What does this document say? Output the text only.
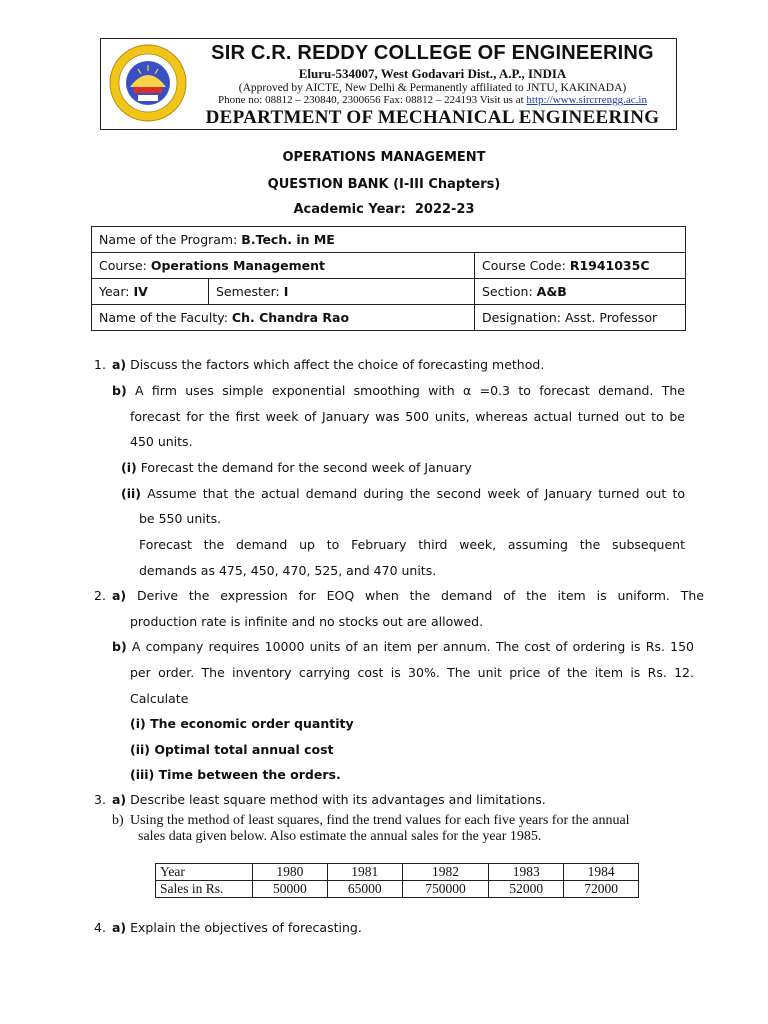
SIR C.R. REDDY COLLEGE OF ENGINEERING
Eluru-534007, West Godavari Dist., A.P., INDIA
(Approved by AICTE, New Delhi & Permanently affiliated to JNTU, KAKINADA)
Phone no: 08812 – 230840, 2300656 Fax: 08812 – 224193 Visit us at http://www.sircrrengg.ac.in
DEPARTMENT OF MECHANICAL ENGINEERING
OPERATIONS MANAGEMENT
QUESTION BANK (I-III Chapters)
Academic Year: 2022-23
Name of the Program: B.Tech. in ME		
Course: Operations Management		Course Code: R1941035C
Year: IV	Semester: I	Section: A&B
Name of the Faculty: Ch. Chandra Rao		Designation: Asst. Professor
1. a) Discuss the factors which affect the choice of forecasting method.
b) A firm uses simple exponential smoothing with α =0.3 to forecast demand. The
forecast for the first week of January was 500 units, whereas actual turned out to be
450 units.
(i) Forecast the demand for the second week of January
(ii) Assume that the actual demand during the second week of January turned out to
be 550 units.
Forecast the demand up to February third week, assuming the subsequent
demands as 475, 450, 470, 525, and 470 units.
2. a) Derive the expression for EOQ when the demand of the item is uniform. The
production rate is infinite and no stocks out are allowed.
b) A company requires 10000 units of an item per annum. The cost of ordering is Rs. 150
per order. The inventory carrying cost is 30%. The unit price of the item is Rs. 12.
Calculate
(i) The economic order quantity
(ii) Optimal total annual cost
(iii) Time between the orders.
3. a) Describe least square method with its advantages and limitations.
b) Using the method of least squares, find the trend values for each five years for the annual
sales data given below. Also estimate the annual sales for the year 1985.
Year	1980	1981	1982	1983	1984
Sales in Rs.	50000	65000	750000	52000	72000
4. a) Explain the objectives of forecasting.
